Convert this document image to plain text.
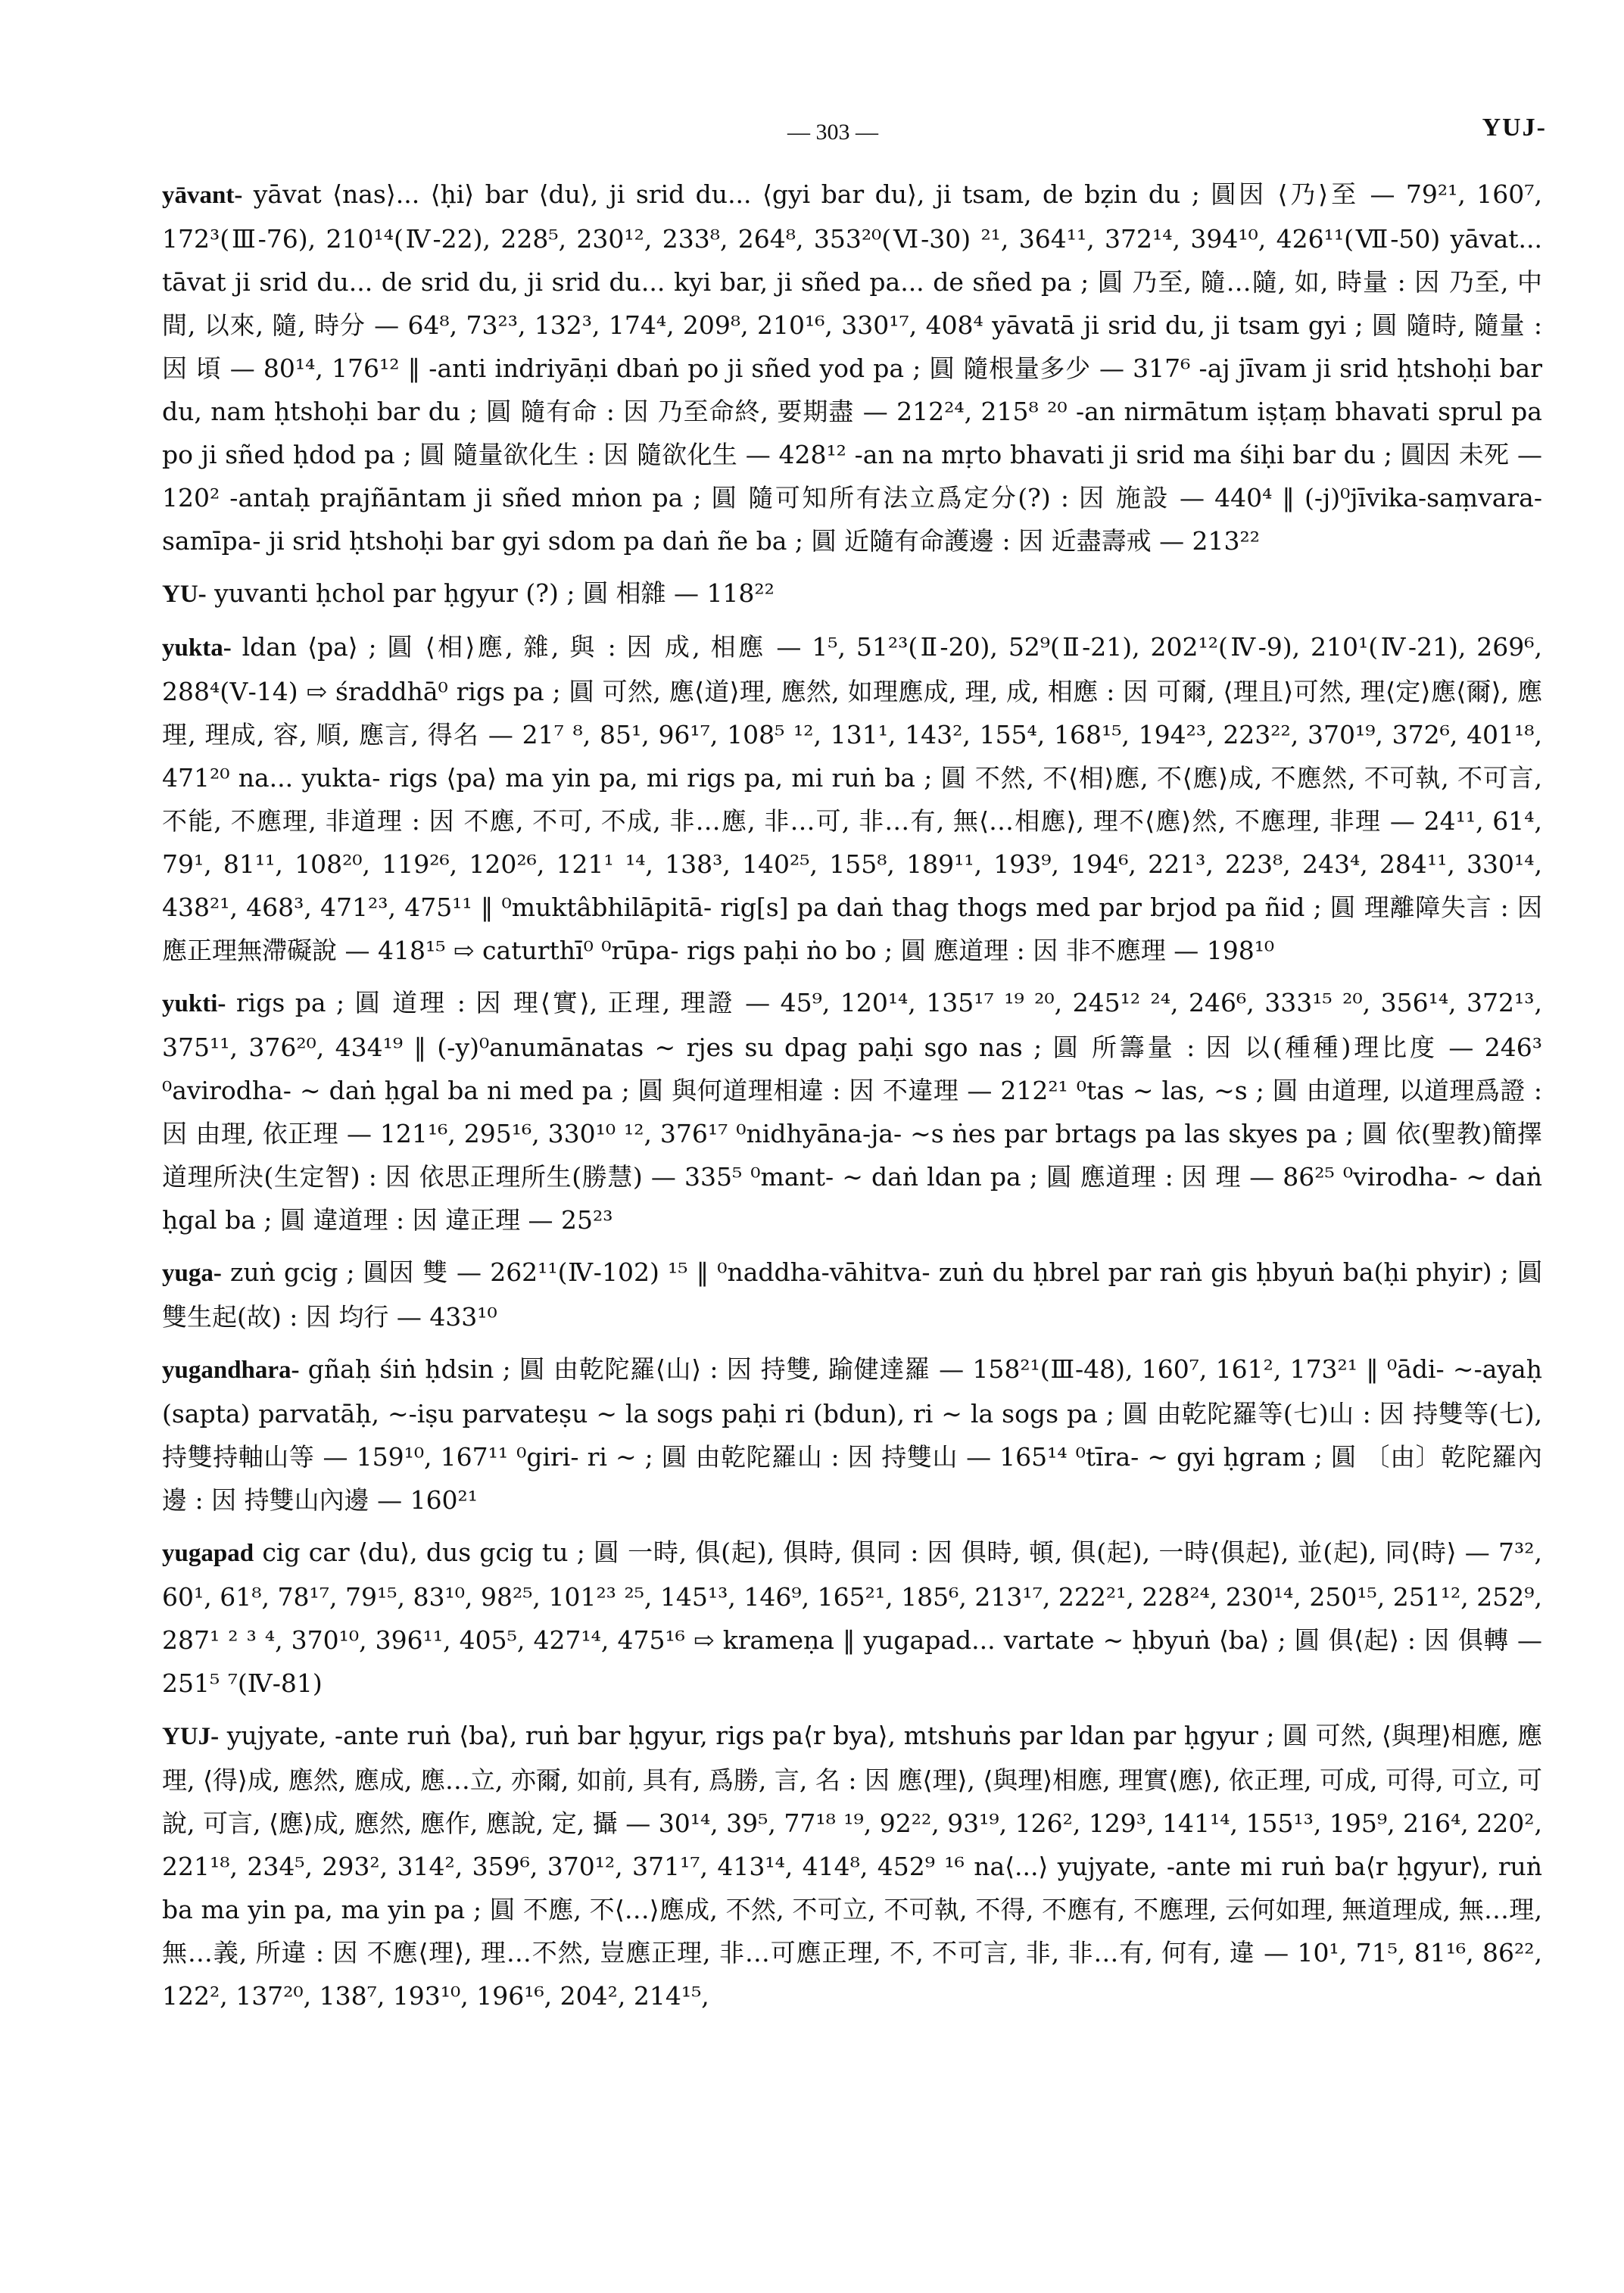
— 303 —	YUJ-

yāvant- yāvat ⟨nas⟩... ⟨ḥi⟩ bar ⟨du⟩, ji srid du... ⟨gyi bar du⟩, ji tsam, de bẓin du ; 圓因 ⟨乃⟩至 — 79²¹, 160⁷, 172³(Ⅲ-76), 210¹⁴(Ⅳ-22), 228⁵, 230¹², 233⁸, 264⁸, 353²⁰(Ⅵ-30) ²¹, 364¹¹, 372¹⁴, 394¹⁰, 426¹¹(Ⅶ-50) yāvat... tāvat ji srid du... de srid du, ji srid du... kyi bar, ji sñed pa... de sñed pa ; 圓 乃至, 隨…隨, 如, 時量 : 因 乃至, 中間, 以來, 隨, 時分 — 64⁸, 73²³, 132³, 174⁴, 209⁸, 210¹⁶, 330¹⁷, 408⁴ yāvatā ji srid du, ji tsam gyi ; 圓 隨時, 隨量 : 因 頃 — 80¹⁴, 176¹² ‖ -anti indriyāṇi dbaṅ po ji sñed yod pa ; 圓 隨根量多少 — 317⁶ -aj jīvam ji srid ḥtshoḥi bar du, nam ḥtshoḥi bar du ; 圓 隨有命 : 因 乃至命終, 要期盡 — 212²⁴, 215⁸ ²⁰ -an nirmātum iṣṭaṃ bhavati sprul pa po ji sñed ḥdod pa ; 圓 隨量欲化生 : 因 隨欲化生 — 428¹² -an na mṛto bhavati ji srid ma śiḥi bar du ; 圓因 未死 — 120² -antaḥ prajñāntam ji sñed mṅon pa ; 圓 隨可知所有法立爲定分(?) : 因 施設 — 440⁴ ‖ (-j)⁰jīvika-saṃvara-samīpa- ji srid ḥtshoḥi bar gyi sdom pa daṅ ñe ba ; 圓 近隨有命護邊 : 因 近盡壽戒 — 213²²

YU- yuvanti ḥchol par ḥgyur (?) ; 圓 相雜 — 118²²

yukta- ldan ⟨pa⟩ ; 圓 ⟨相⟩應, 雜, 與 : 因 成, 相應 — 1⁵, 51²³(Ⅱ-20), 52⁹(Ⅱ-21), 202¹²(Ⅳ-9), 210¹(Ⅳ-21), 269⁶, 288⁴(Ⅴ-14) ⇨ śraddhā⁰ rigs pa ; 圓 可然, 應⟨道⟩理, 應然, 如理應成, 理, 成, 相應 : 因 可爾, ⟨理且⟩可然, 理⟨定⟩應⟨爾⟩, 應理, 理成, 容, 順, 應言, 得名 — 21⁷ ⁸, 85¹, 96¹⁷, 108⁵ ¹², 131¹, 143², 155⁴, 168¹⁵, 194²³, 223²², 370¹⁹, 372⁶, 401¹⁸, 471²⁰ na... yukta- rigs ⟨pa⟩ ma yin pa, mi rigs pa, mi ruṅ ba ; 圓 不然, 不⟨相⟩應, 不⟨應⟩成, 不應然, 不可執, 不可言, 不能, 不應理, 非道理 : 因 不應, 不可, 不成, 非…應, 非…可, 非…有, 無⟨…相應⟩, 理不⟨應⟩然, 不應理, 非理 — 24¹¹, 61⁴, 79¹, 81¹¹, 108²⁰, 119²⁶, 120²⁶, 121¹ ¹⁴, 138³, 140²⁵, 155⁸, 189¹¹, 193⁹, 194⁶, 221³, 223⁸, 243⁴, 284¹¹, 330¹⁴, 438²¹, 468³, 471²³, 475¹¹ ‖ ⁰muktâbhilāpitā- rig[s] pa daṅ thag thogs med par brjod pa ñid ; 圓 理離障失言 : 因 應正理無滯礙說 — 418¹⁵ ⇨ caturthī⁰ ⁰rūpa- rigs paḥi ṅo bo ; 圓 應道理 : 因 非不應理 — 198¹⁰

yukti- rigs pa ; 圓 道理 : 因 理⟨實⟩, 正理, 理證 — 45⁹, 120¹⁴, 135¹⁷ ¹⁹ ²⁰, 245¹² ²⁴, 246⁶, 333¹⁵ ²⁰, 356¹⁴, 372¹³, 375¹¹, 376²⁰, 434¹⁹ ‖ (-y)⁰anumānatas ∼ rjes su dpag paḥi sgo nas ; 圓 所籌量 : 因 以(種種)理比度 — 246³ ⁰avirodha- ∼ daṅ ḥgal ba ni med pa ; 圓 與何道理相違 : 因 不違理 — 212²¹ ⁰tas ∼ las, ∼s ; 圓 由道理, 以道理爲證 : 因 由理, 依正理 — 121¹⁶, 295¹⁶, 330¹⁰ ¹², 376¹⁷ ⁰nidhyāna-ja- ∼s ṅes par brtags pa las skyes pa ; 圓 依(聖教)簡擇道理所決(生定智) : 因 依思正理所生(勝慧) — 335⁵ ⁰mant- ∼ daṅ ldan pa ; 圓 應道理 : 因 理 — 86²⁵ ⁰virodha- ∼ daṅ ḥgal ba ; 圓 違道理 : 因 違正理 — 25²³

yuga- zuṅ gcig ; 圓因 雙 — 262¹¹(Ⅳ-102) ¹⁵ ‖ ⁰naddha-vāhitva- zuṅ du ḥbrel par raṅ gis ḥbyuṅ ba(ḥi phyir) ; 圓 雙生起(故) : 因 均行 — 433¹⁰

yugandhara- gñaḥ śiṅ ḥdsin ; 圓 由乾陀羅⟨山⟩ : 因 持雙, 踰健達羅 — 158²¹(Ⅲ-48), 160⁷, 161², 173²¹ ‖ ⁰ādi- ∼-ayaḥ (sapta) parvatāḥ, ∼-iṣu parvateṣu ∼ la sogs paḥi ri (bdun), ri ∼ la sogs pa ; 圓 由乾陀羅等(七)山 : 因 持雙等(七), 持雙持軸山等 — 159¹⁰, 167¹¹ ⁰giri- ri ∼ ; 圓 由乾陀羅山 : 因 持雙山 — 165¹⁴ ⁰tīra- ∼ gyi ḥgram ; 圓 〔由〕乾陀羅內邊 : 因 持雙山內邊 — 160²¹

yugapad cig car ⟨du⟩, dus gcig tu ; 圓 一時, 俱(起), 俱時, 俱同 : 因 俱時, 頓, 俱(起), 一時⟨俱起⟩, 並(起), 同⟨時⟩ — 7³², 60¹, 61⁸, 78¹⁷, 79¹⁵, 83¹⁰, 98²⁵, 101²³ ²⁵, 145¹³, 146⁹, 165²¹, 185⁶, 213¹⁷, 222²¹, 228²⁴, 230¹⁴, 250¹⁵, 251¹², 252⁹, 287¹ ² ³ ⁴, 370¹⁰, 396¹¹, 405⁵, 427¹⁴, 475¹⁶ ⇨ krameṇa ‖ yugapad... vartate ∼ ḥbyuṅ ⟨ba⟩ ; 圓 俱⟨起⟩ : 因 俱轉 — 251⁵ ⁷(Ⅳ-81)

YUJ- yujyate, -ante ruṅ ⟨ba⟩, ruṅ bar ḥgyur, rigs pa⟨r bya⟩, mtshuṅs par ldan par ḥgyur ; 圓 可然, ⟨與理⟩相應, 應理, ⟨得⟩成, 應然, 應成, 應…立, 亦爾, 如前, 具有, 爲勝, 言, 名 : 因 應⟨理⟩, ⟨與理⟩相應, 理實⟨應⟩, 依正理, 可成, 可得, 可立, 可說, 可言, ⟨應⟩成, 應然, 應作, 應說, 定, 攝 — 30¹⁴, 39⁵, 77¹⁸ ¹⁹, 92²², 93¹⁹, 126², 129³, 141¹⁴, 155¹³, 195⁹, 216⁴, 220², 221¹⁸, 234⁵, 293², 314², 359⁶, 370¹², 371¹⁷, 413¹⁴, 414⁸, 452⁹ ¹⁶ na⟨...⟩ yujyate, -ante mi ruṅ ba⟨r ḥgyur⟩, ruṅ ba ma yin pa, ma yin pa ; 圓 不應, 不⟨…⟩應成, 不然, 不可立, 不可執, 不得, 不應有, 不應理, 云何如理, 無道理成, 無…理, 無…義, 所違 : 因 不應⟨理⟩, 理…不然, 豈應正理, 非…可應正理, 不, 不可言, 非, 非…有, 何有, 違 — 10¹, 71⁵, 81¹⁶, 86²², 122², 137²⁰, 138⁷, 193¹⁰, 196¹⁶, 204², 214¹⁵,
